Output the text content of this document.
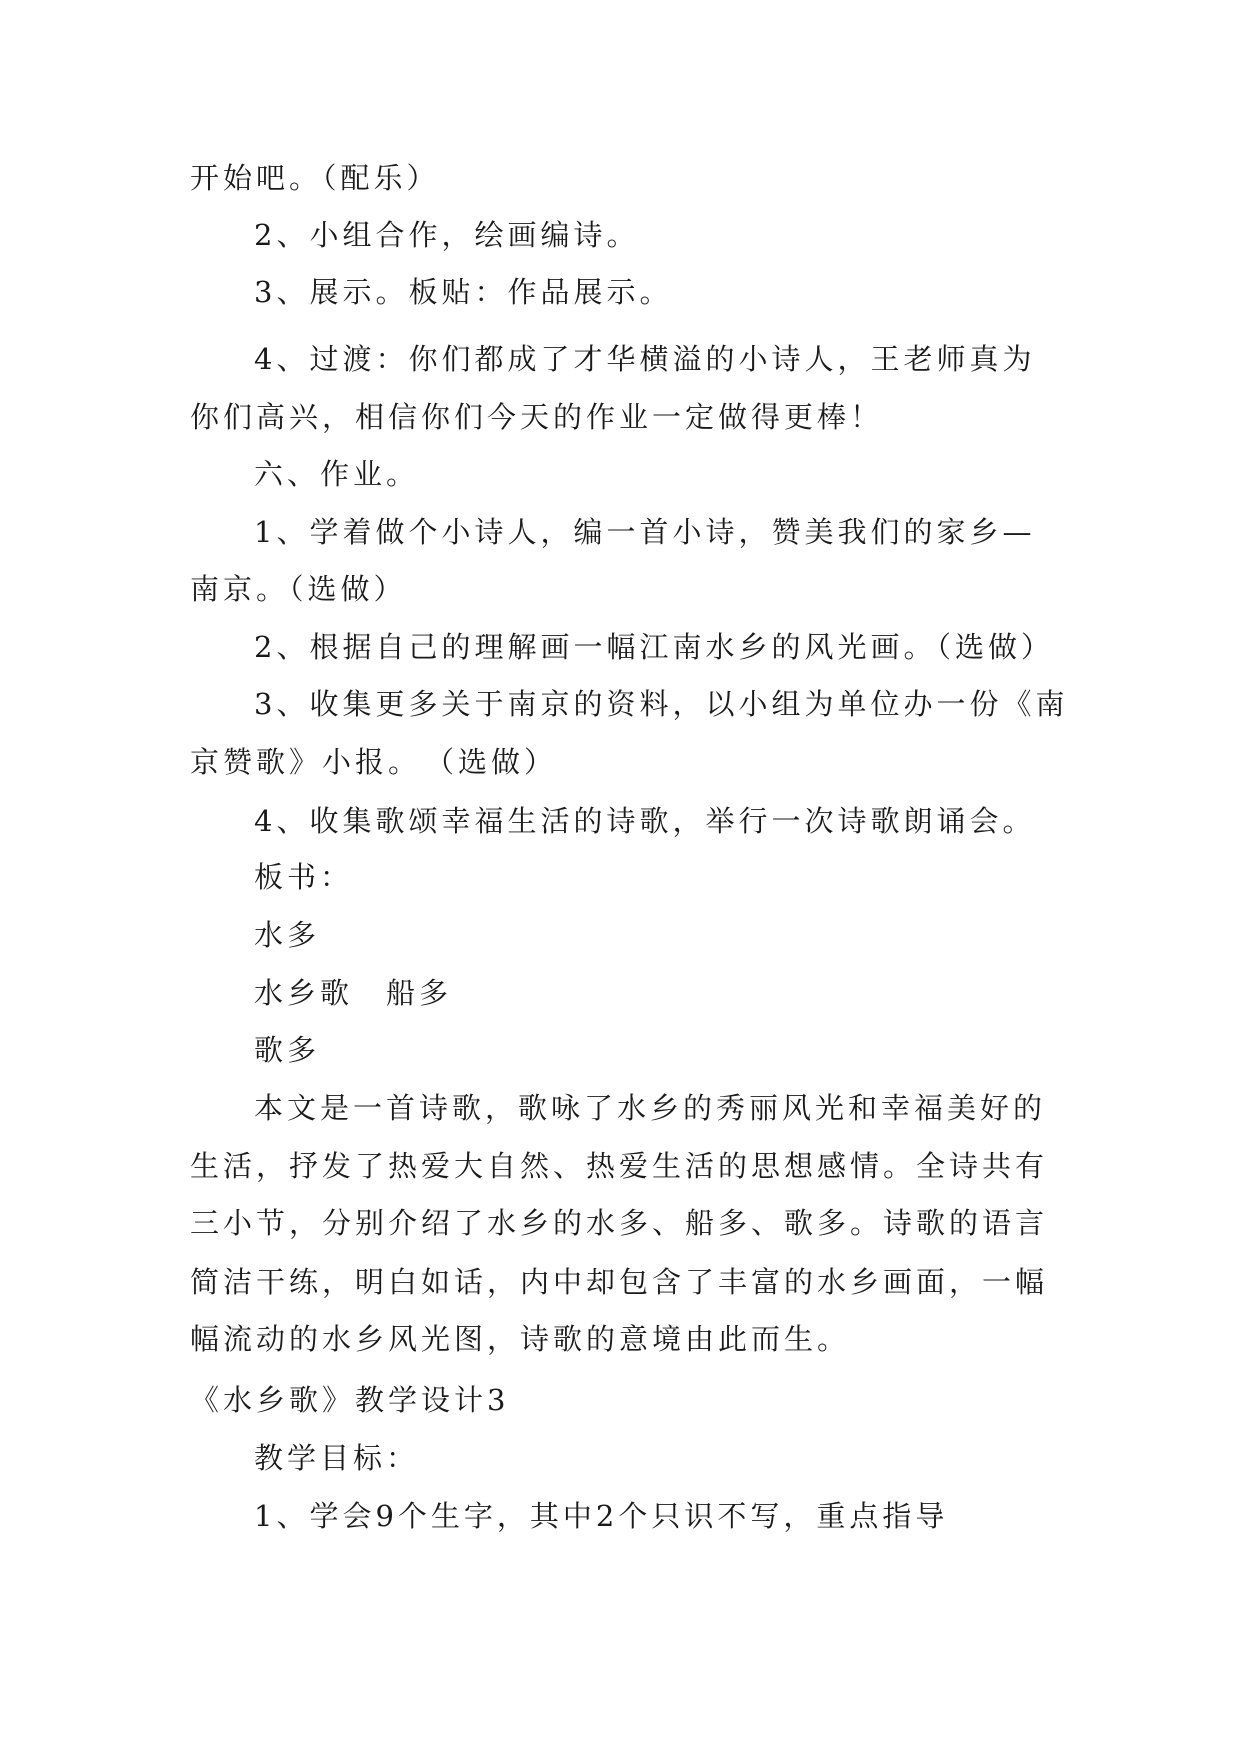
开始吧。（配乐）
2、小组合作，绘画编诗。
3、展示。板贴：作品展示。
4、过渡：你们都成了才华横溢的小诗人，王老师真为
你们高兴，相信你们今天的作业一定做得更棒！
六、作业。
1、学着做个小诗人，编一首小诗，赞美我们的家乡—
南京。（选做）
2、根据自己的理解画一幅江南水乡的风光画。（选做）
3、收集更多关于南京的资料，以小组为单位办一份《南
京赞歌》小报。　（选做）
4、收集歌颂幸福生活的诗歌，举行一次诗歌朗诵会。
板书：
水多
水乡歌　船多
歌多
本文是一首诗歌，歌咏了水乡的秀丽风光和幸福美好的
生活，抒发了热爱大自然、热爱生活的思想感情。全诗共有
三小节，分别介绍了水乡的水多、船多、歌多。诗歌的语言
简洁干练，明白如话，内中却包含了丰富的水乡画面，一幅
幅流动的水乡风光图，诗歌的意境由此而生。
《水乡歌》教学设计3
教学目标：
1、学会9个生字，其中2个只识不写，重点指导
